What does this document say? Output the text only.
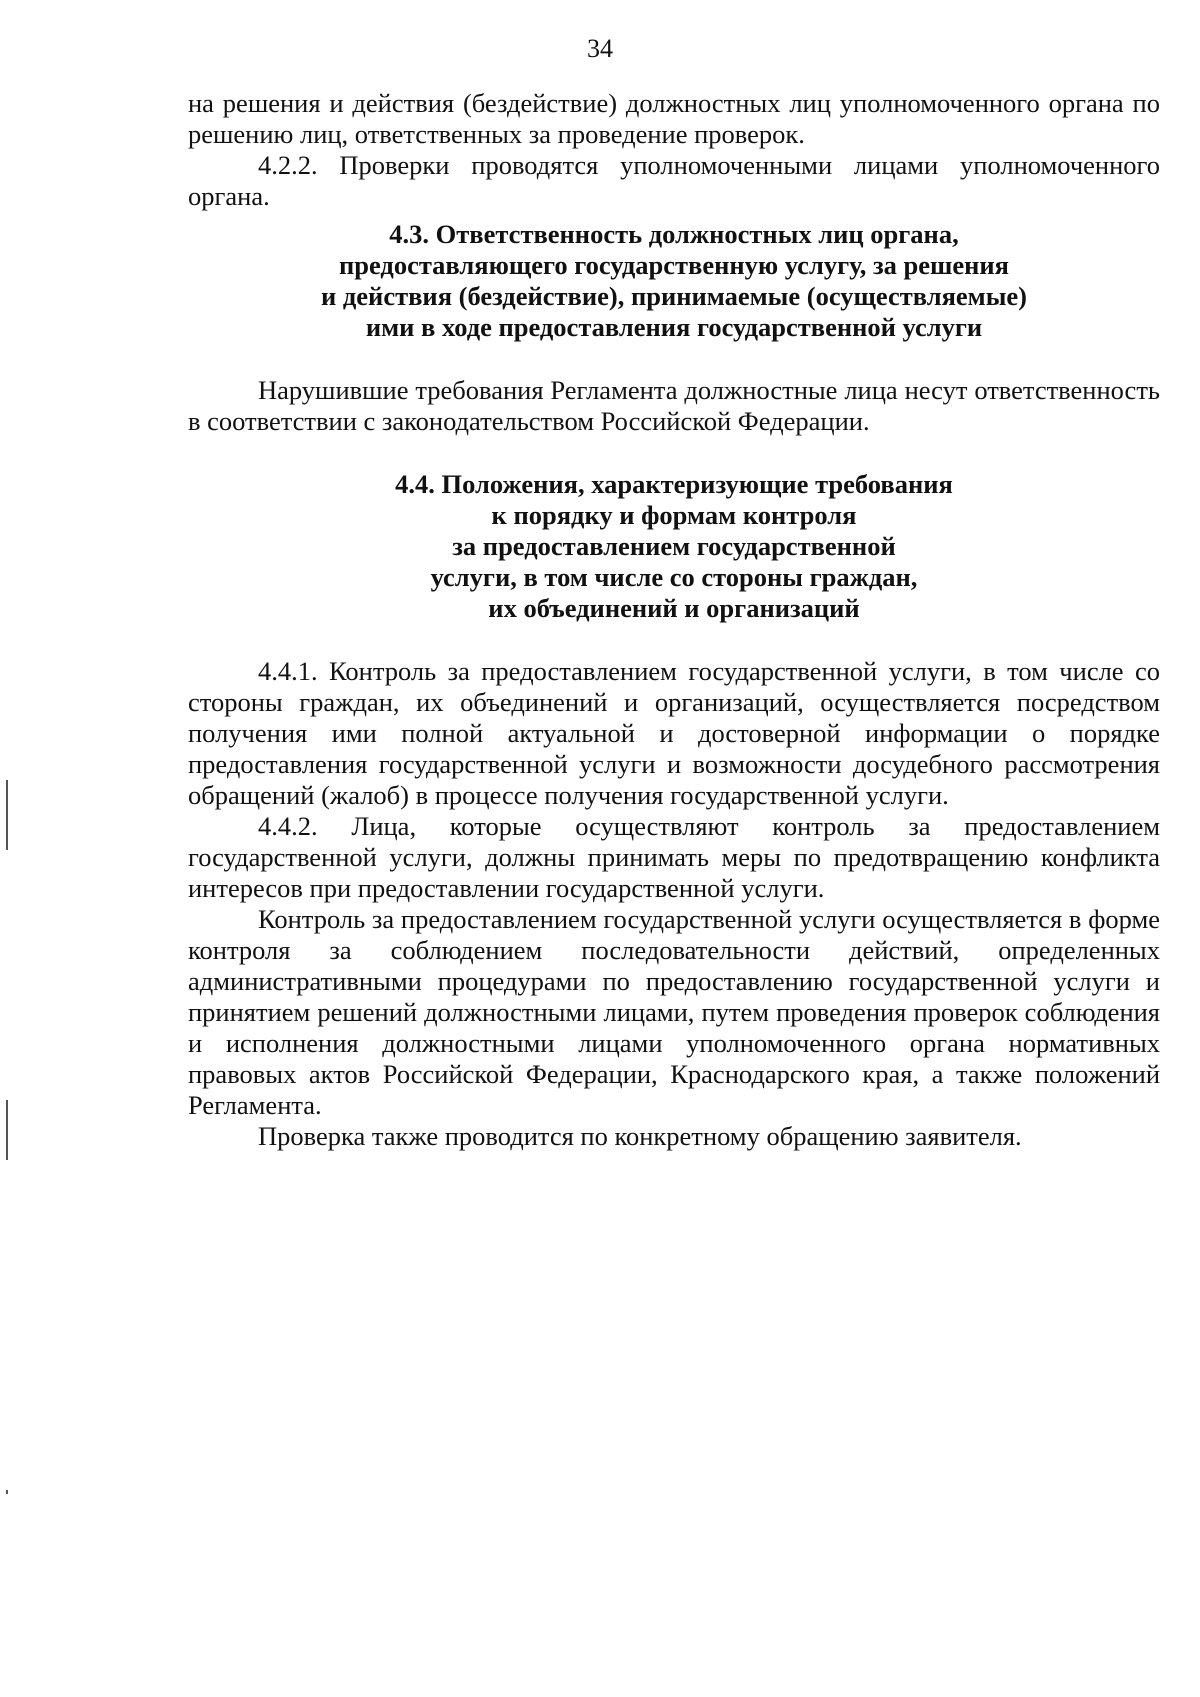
34

на решения и действия (бездействие) должностных лиц уполномоченного органа по решению лиц, ответственных за проведение проверок.

4.2.2. Проверки проводятся уполномоченными лицами уполномоченного органа.

4.3. Ответственность должностных лиц органа,
предоставляющего государственную услугу, за решения
и действия (бездействие), принимаемые (осуществляемые)
ими в ходе предоставления государственной услуги

Нарушившие требования Регламента должностные лица несут ответственность в соответствии с законодательством Российской Федерации.

4.4. Положения, характеризующие требования
к порядку и формам контроля
за предоставлением государственной
услуги, в том числе со стороны граждан,
их объединений и организаций

4.4.1. Контроль за предоставлением государственной услуги, в том числе со стороны граждан, их объединений и организаций, осуществляется посредством получения ими полной актуальной и достоверной информации о порядке предоставления государственной услуги и возможности досудебного рассмотрения обращений (жалоб) в процессе получения государственной услуги.

4.4.2. Лица, которые осуществляют контроль за предоставлением государственной услуги, должны принимать меры по предотвращению конфликта интересов при предоставлении государственной услуги.

Контроль за предоставлением государственной услуги осуществляется в форме контроля за соблюдением последовательности действий, определенных административными процедурами по предоставлению государственной услуги и принятием решений должностными лицами, путем проведения проверок соблюдения и исполнения должностными лицами уполномоченного органа нормативных правовых актов Российской Федерации, Краснодарского края, а также положений Регламента.

Проверка также проводится по конкретному обращению заявителя.
